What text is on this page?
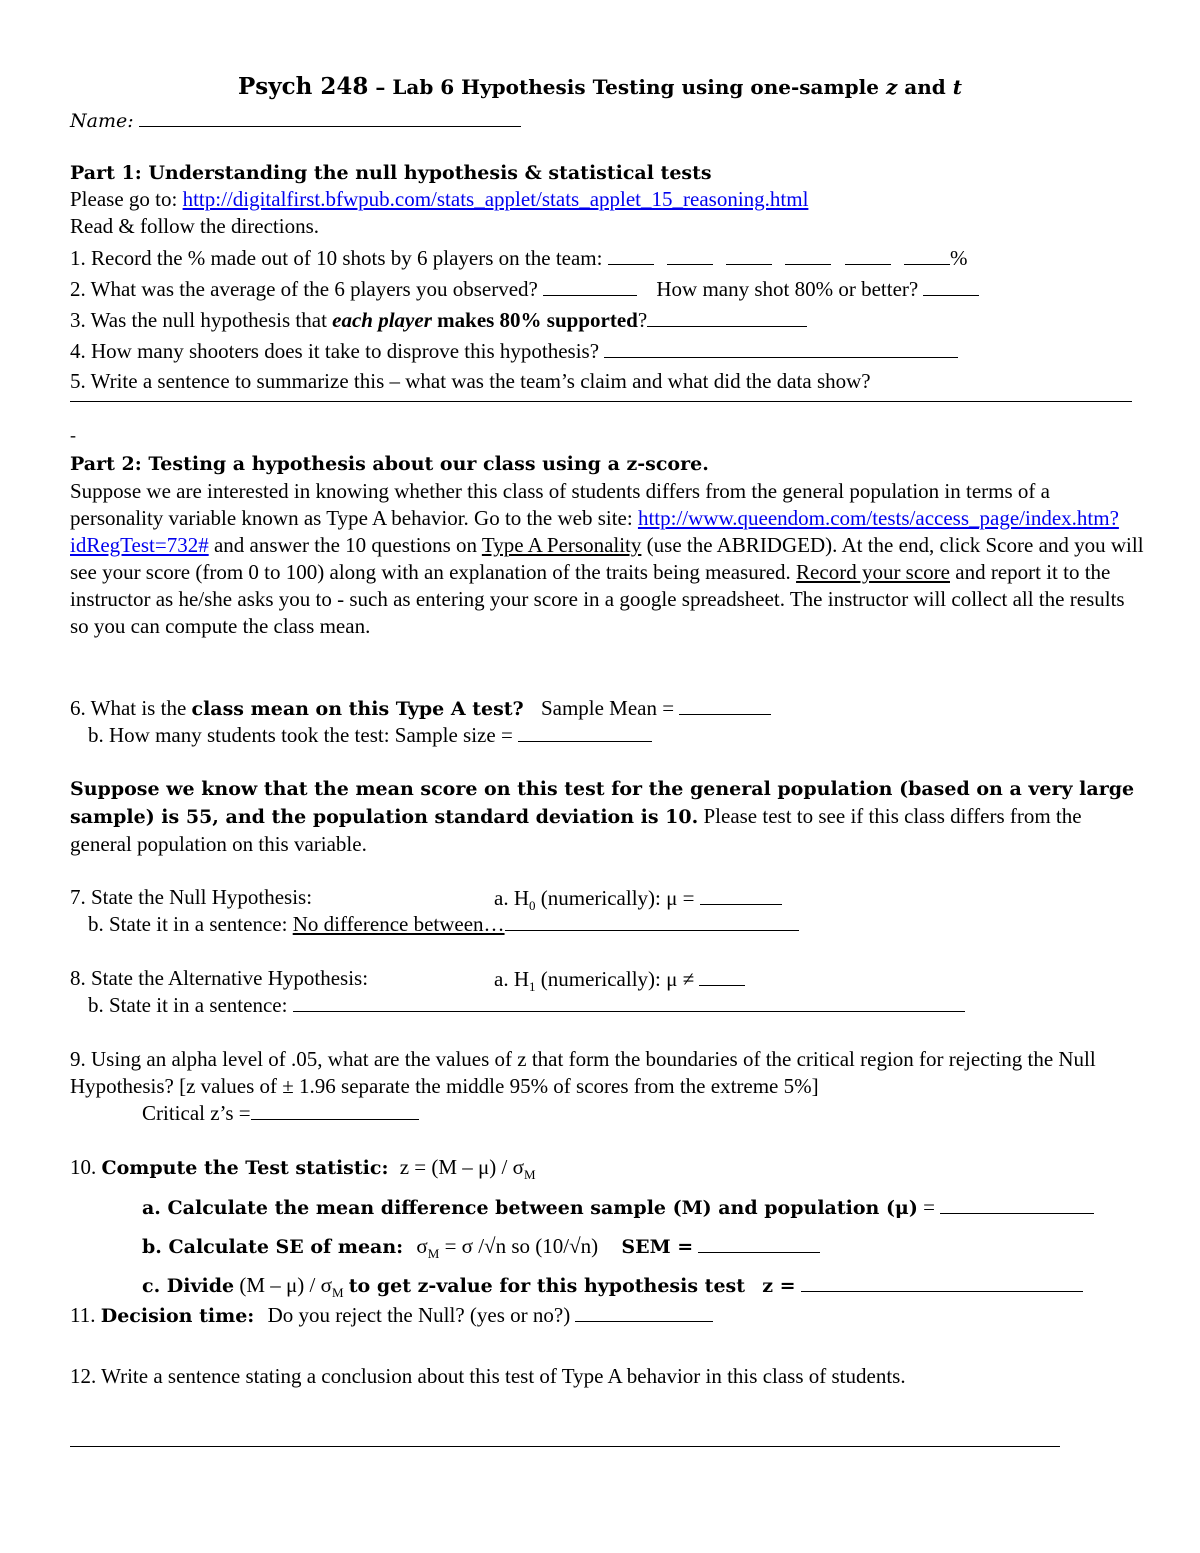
Psych 248 – Lab 6 Hypothesis Testing using one-sample z and t
Name:
Part 1: Understanding the null hypothesis & statistical tests
Please go to: http://digitalfirst.bfwpub.com/stats_applet/stats_applet_15_reasoning.html
Read & follow the directions.
1. Record the % made out of 10 shots by 6 players on the team:	%
2. What was the average of the 6 players you observed?	How many shot 80% or better?
3. Was the null hypothesis that each player makes 80% supported?
4. How many shooters does it take to disprove this hypothesis?
5. Write a sentence to summarize this – what was the team’s claim and what did the data show?
-
Part 2: Testing a hypothesis about our class using a z-score.
Suppose we are interested in knowing whether this class of students differs from the general population in terms of a personality variable known as Type A behavior. Go to the web site: http://www.queendom.com/tests/access_page/index.htm?idRegTest=732# and answer the 10 questions on Type A Personality (use the ABRIDGED). At the end, click Score and you will see your score (from 0 to 100) along with an explanation of the traits being measured. Record your score and report it to the instructor as he/she asks you to - such as entering your score in a google spreadsheet. The instructor will collect all the results so you can compute the class mean.
6. What is the class mean on this Type A test? Sample Mean =
b. How many students took the test: Sample size =
Suppose we know that the mean score on this test for the general population (based on a very large sample) is 55, and the population standard deviation is 10. Please test to see if this class differs from the general population on this variable.
7. State the Null Hypothesis:	a. $H_0$ (numerically): μ =
b. State it in a sentence: No difference between…
8. State the Alternative Hypothesis:	a. $H_1$ (numerically): μ ≠
b. State it in a sentence:
9. Using an alpha level of .05, what are the values of z that form the boundaries of the critical region for rejecting the Null Hypothesis? [z values of ± 1.96 separate the middle 95% of scores from the extreme 5%]
Critical z’s =
10. Compute the Test statistic: $z = (M - \mu) / \sigma_M$
a. Calculate the mean difference between sample (M) and population (μ) =
b. Calculate SE of mean: $\sigma_M = \sigma$ /√n so (10/√n) SEM =
c. Divide $(M - \mu) / \sigma_M$ to get z-value for this hypothesis test z =
11. Decision time: Do you reject the Null? (yes or no?)
12. Write a sentence stating a conclusion about this test of Type A behavior in this class of students.
